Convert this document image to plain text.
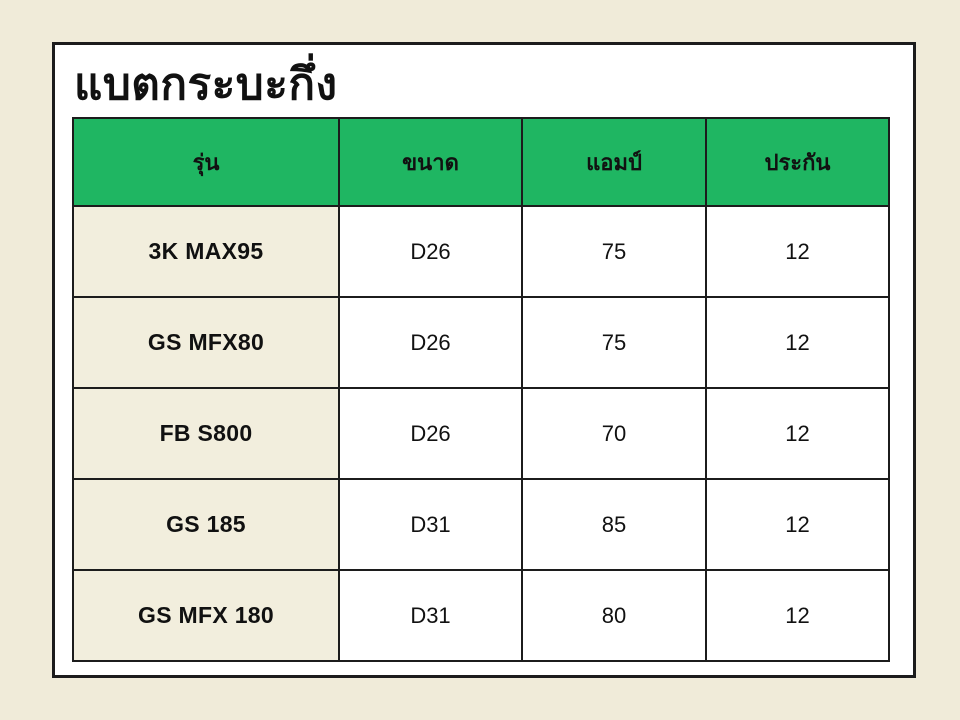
แบตกระบะกึ่ง
รุ่น	ขนาด	แอมป์	ประกัน
3K MAX95	D26	75	12
GS MFX80	D26	75	12
FB S800	D26	70	12
GS 185	D31	85	12
GS MFX 180	D31	80	12
